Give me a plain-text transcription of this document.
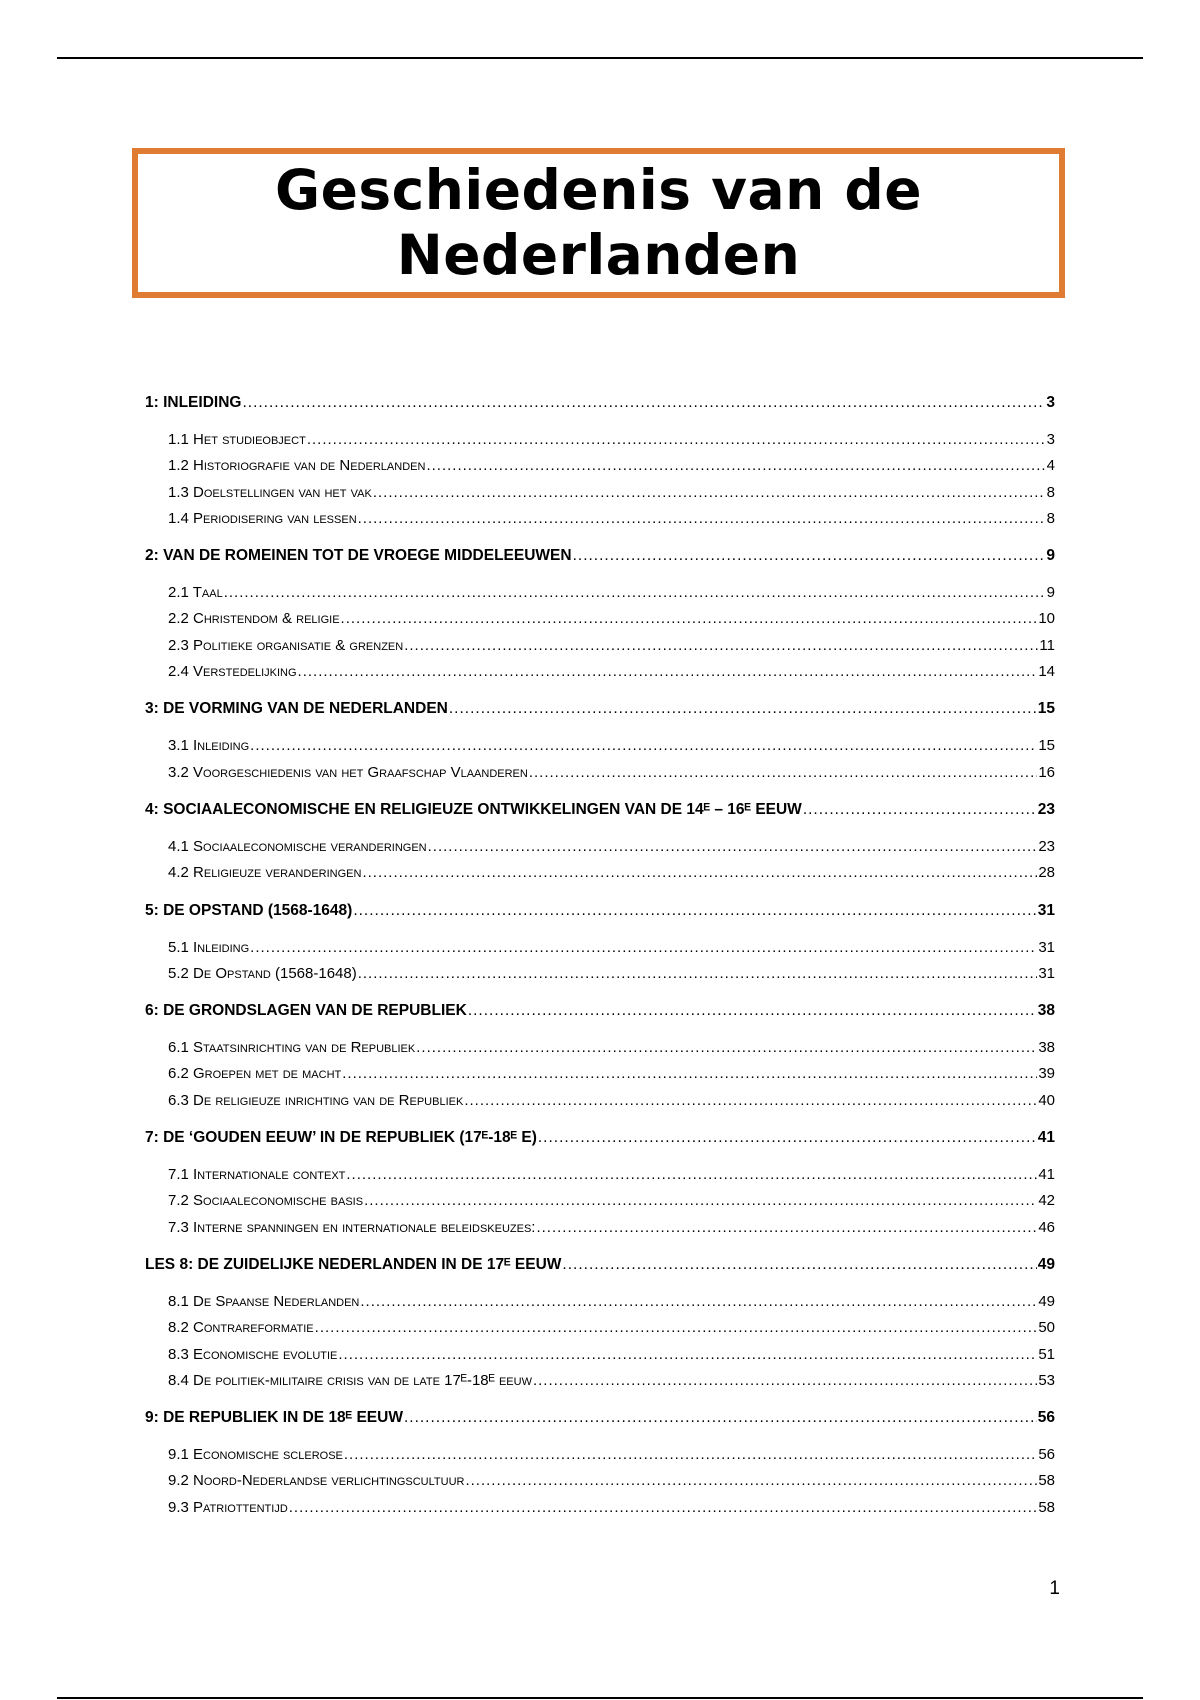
Geschiedenis van de
Nederlanden
1: INLEIDING .....	3
1.1 Het studieobject .....	3
1.2 Historiografie van de Nederlanden .....	4
1.3 Doelstellingen van het vak .....	8
1.4 Periodisering van lessen .....	8
2: VAN DE ROMEINEN TOT DE VROEGE MIDDELEEUWEN .....	9
2.1 Taal .....	9
2.2 Christendom & religie .....	10
2.3 Politieke organisatie & grenzen .....	11
2.4 Verstedelijking .....	14
3: DE VORMING VAN DE NEDERLANDEN .....	15
3.1 Inleiding .....	15
3.2 Voorgeschiedenis van het Graafschap Vlaanderen .....	16
4: SOCIAALECONOMISCHE EN RELIGIEUZE ONTWIKKELINGEN VAN DE 14ᴱ – 16ᴱ EEUW .....	23
4.1 Sociaaleconomische veranderingen .....	23
4.2 Religieuze veranderingen .....	28
5: DE OPSTAND (1568-1648) .....	31
5.1 Inleiding .....	31
5.2 De Opstand (1568-1648) .....	31
6: DE GRONDSLAGEN VAN DE REPUBLIEK .....	38
6.1 Staatsinrichting van de Republiek .....	38
6.2 Groepen met de macht .....	39
6.3 De religieuze inrichting van de Republiek .....	40
7: DE ‘GOUDEN EEUW’ IN DE REPUBLIEK (17ᴱ-18ᴱ E) .....	41
7.1 Internationale context .....	41
7.2 Sociaaleconomische basis .....	42
7.3 Interne spanningen en internationale beleidskeuzes: .....	46
LES 8: DE ZUIDELIJKE NEDERLANDEN IN DE 17ᴱ EEUW .....	49
8.1 De Spaanse Nederlanden .....	49
8.2 Contrareformatie .....	50
8.3 Economische evolutie .....	51
8.4 De politiek-militaire crisis van de late 17ᴱ-18ᴱ eeuw .....	53
9: DE REPUBLIEK IN DE 18ᴱ EEUW .....	56
9.1 Economische sclerose .....	56
9.2 Noord-Nederlandse verlichtingscultuur .....	58
9.3 Patriottentijd .....	58
1
